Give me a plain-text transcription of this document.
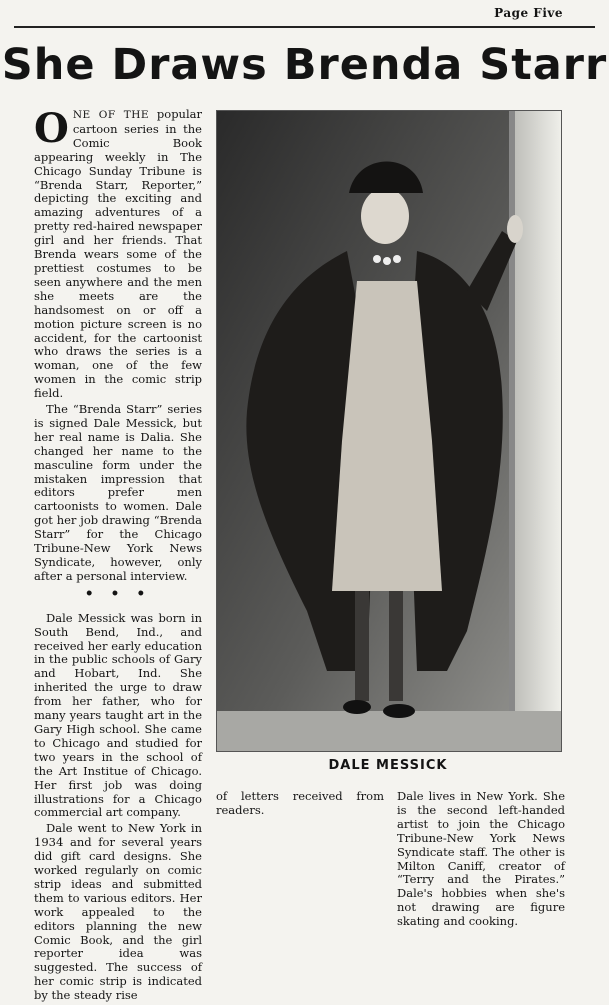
Page Five
She Draws Brenda Starr

ONE OF THE popular cartoon series in the Comic Book appearing weekly in The Chicago Sunday Tribune is “Brenda Starr, Reporter,” depicting the exciting and amazing adventures of a pretty red-haired newspaper girl and her friends. That Brenda wears some of the prettiest costumes to be seen anywhere and the men she meets are the handsomest on or off a motion picture screen is no accident, for the cartoonist who draws the series is a woman, one of the few women in the comic strip field.

The “Brenda Starr” series is signed Dale Messick, but her real name is Dalia. She changed her name to the masculine form under the mistaken impression that editors prefer men cartoonists to women. Dale got her job drawing “Brenda Starr” for the Chicago Tribune-New York News Syndicate, however, only after a personal interview.

• • •

Dale Messick was born in South Bend, Ind., and received her early education in the public schools of Gary and Hobart, Ind. She inherited the urge to draw from her father, who for many years taught art in the Gary High school. She came to Chicago and studied for two years in the school of the Art Institue of Chicago. Her first job was doing illustrations for a Chicago commercial art company.

Dale went to New York in 1934 and for several years did gift card designs. She worked regularly on comic strip ideas and submitted them to various editors. Her work appealed to the editors planning the new Comic Book, and the girl reporter idea was suggested. The success of her comic strip is indicated by the steady rise

DALE MESSICK

of letters received from readers.

Dale lives in New York. She is the second left-handed artist to join the Chicago Tribune-New York News Syndicate staff. The other is Milton Caniff, creator of “Terry and the Pirates.” Dale's hobbies when she's not drawing are figure skating and cooking.
